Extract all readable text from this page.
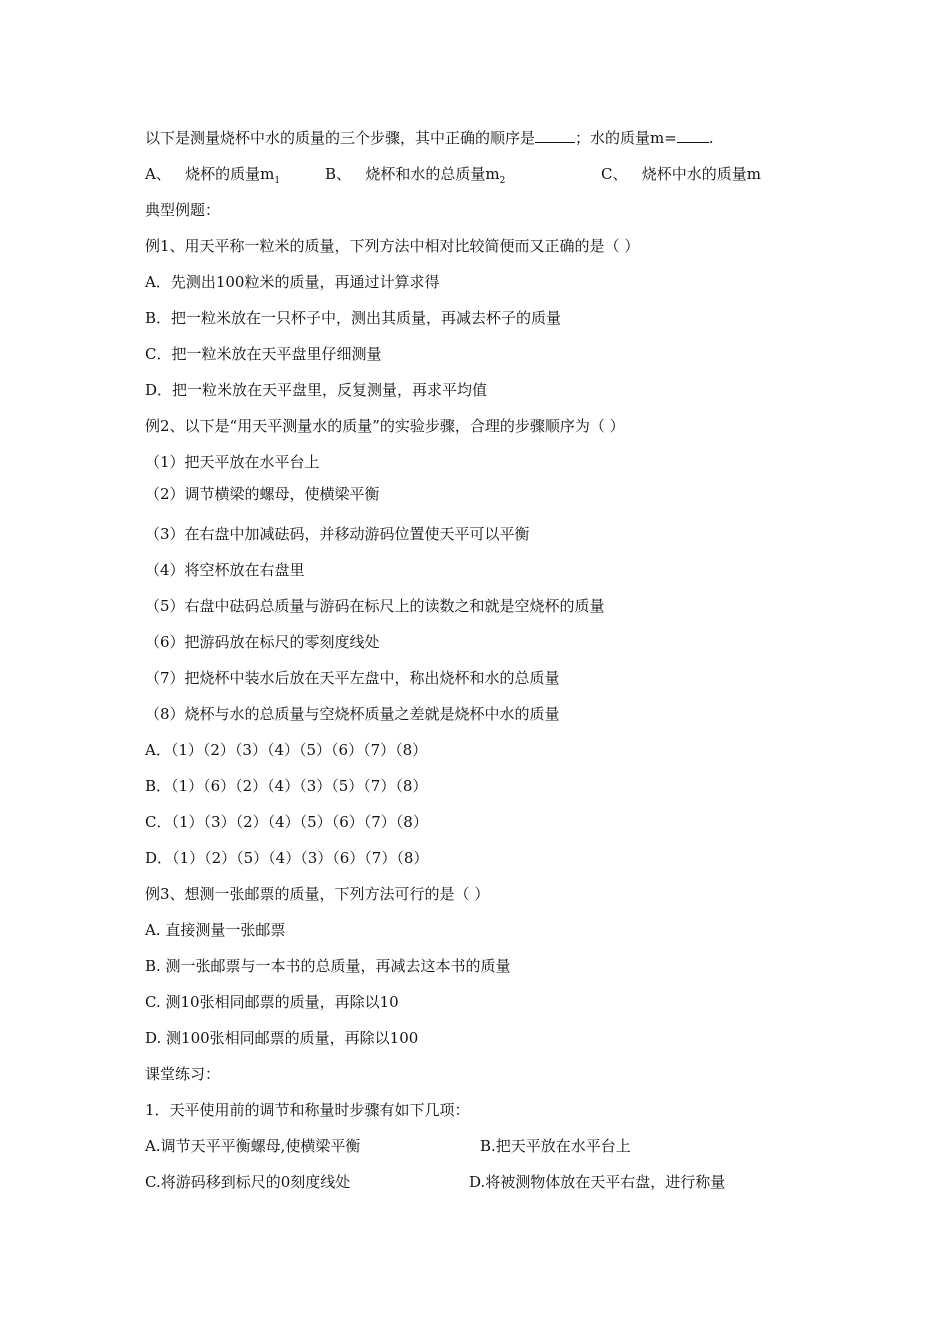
以下是测量烧杯中水的质量的三个步骤，其中正确的顺序是	；水的质量m= .
A、 烧杯的质量$m_1$	B、 烧杯和水的总质量$m_2$	C、 烧杯中水的质量m
典型例题：
例1、用天平称一粒米的质量，下列方法中相对比较简便而又正确的是（ ）
A．先测出100粒米的质量，再通过计算求得
B．把一粒米放在一只杯子中，测出其质量，再减去杯子的质量
C．把一粒米放在天平盘里仔细测量
D．把一粒米放在天平盘里，反复测量，再求平均值
例2、以下是“用天平测量水的质量”的实验步骤，合理的步骤顺序为（ ）
（1）把天平放在水平台上
（2）调节横梁的螺母，使横梁平衡
（3）在右盘中加减砝码，并移动游码位置使天平可以平衡
（4）将空杯放在右盘里
（5）右盘中砝码总质量与游码在标尺上的读数之和就是空烧杯的质量
（6）把游码放在标尺的零刻度线处
（7）把烧杯中装水后放在天平左盘中，称出烧杯和水的总质量
（8）烧杯与水的总质量与空烧杯质量之差就是烧杯中水的质量
A．（1）（2）（3）（4）（5）（6）（7）（8）
B．（1）（6）（2）（4）（3）（5）（7）（8）
C．（1）（3）（2）（4）（5）（6）（7）（8）
D．（1）（2）（5）（4）（3）（6）（7）（8）
例3、想测一张邮票的质量，下列方法可行的是（ ）
A. 直接测量一张邮票
B. 测一张邮票与一本书的总质量，再减去这本书的质量
C. 测10张相同邮票的质量，再除以10
D. 测100张相同邮票的质量，再除以100
课堂练习：
1．天平使用前的调节和称量时步骤有如下几项：
A.调节天平平衡螺母,使横梁平衡	B.把天平放在水平台上
C.将游码移到标尺的0刻度线处	D.将被测物体放在天平右盘，进行称量
